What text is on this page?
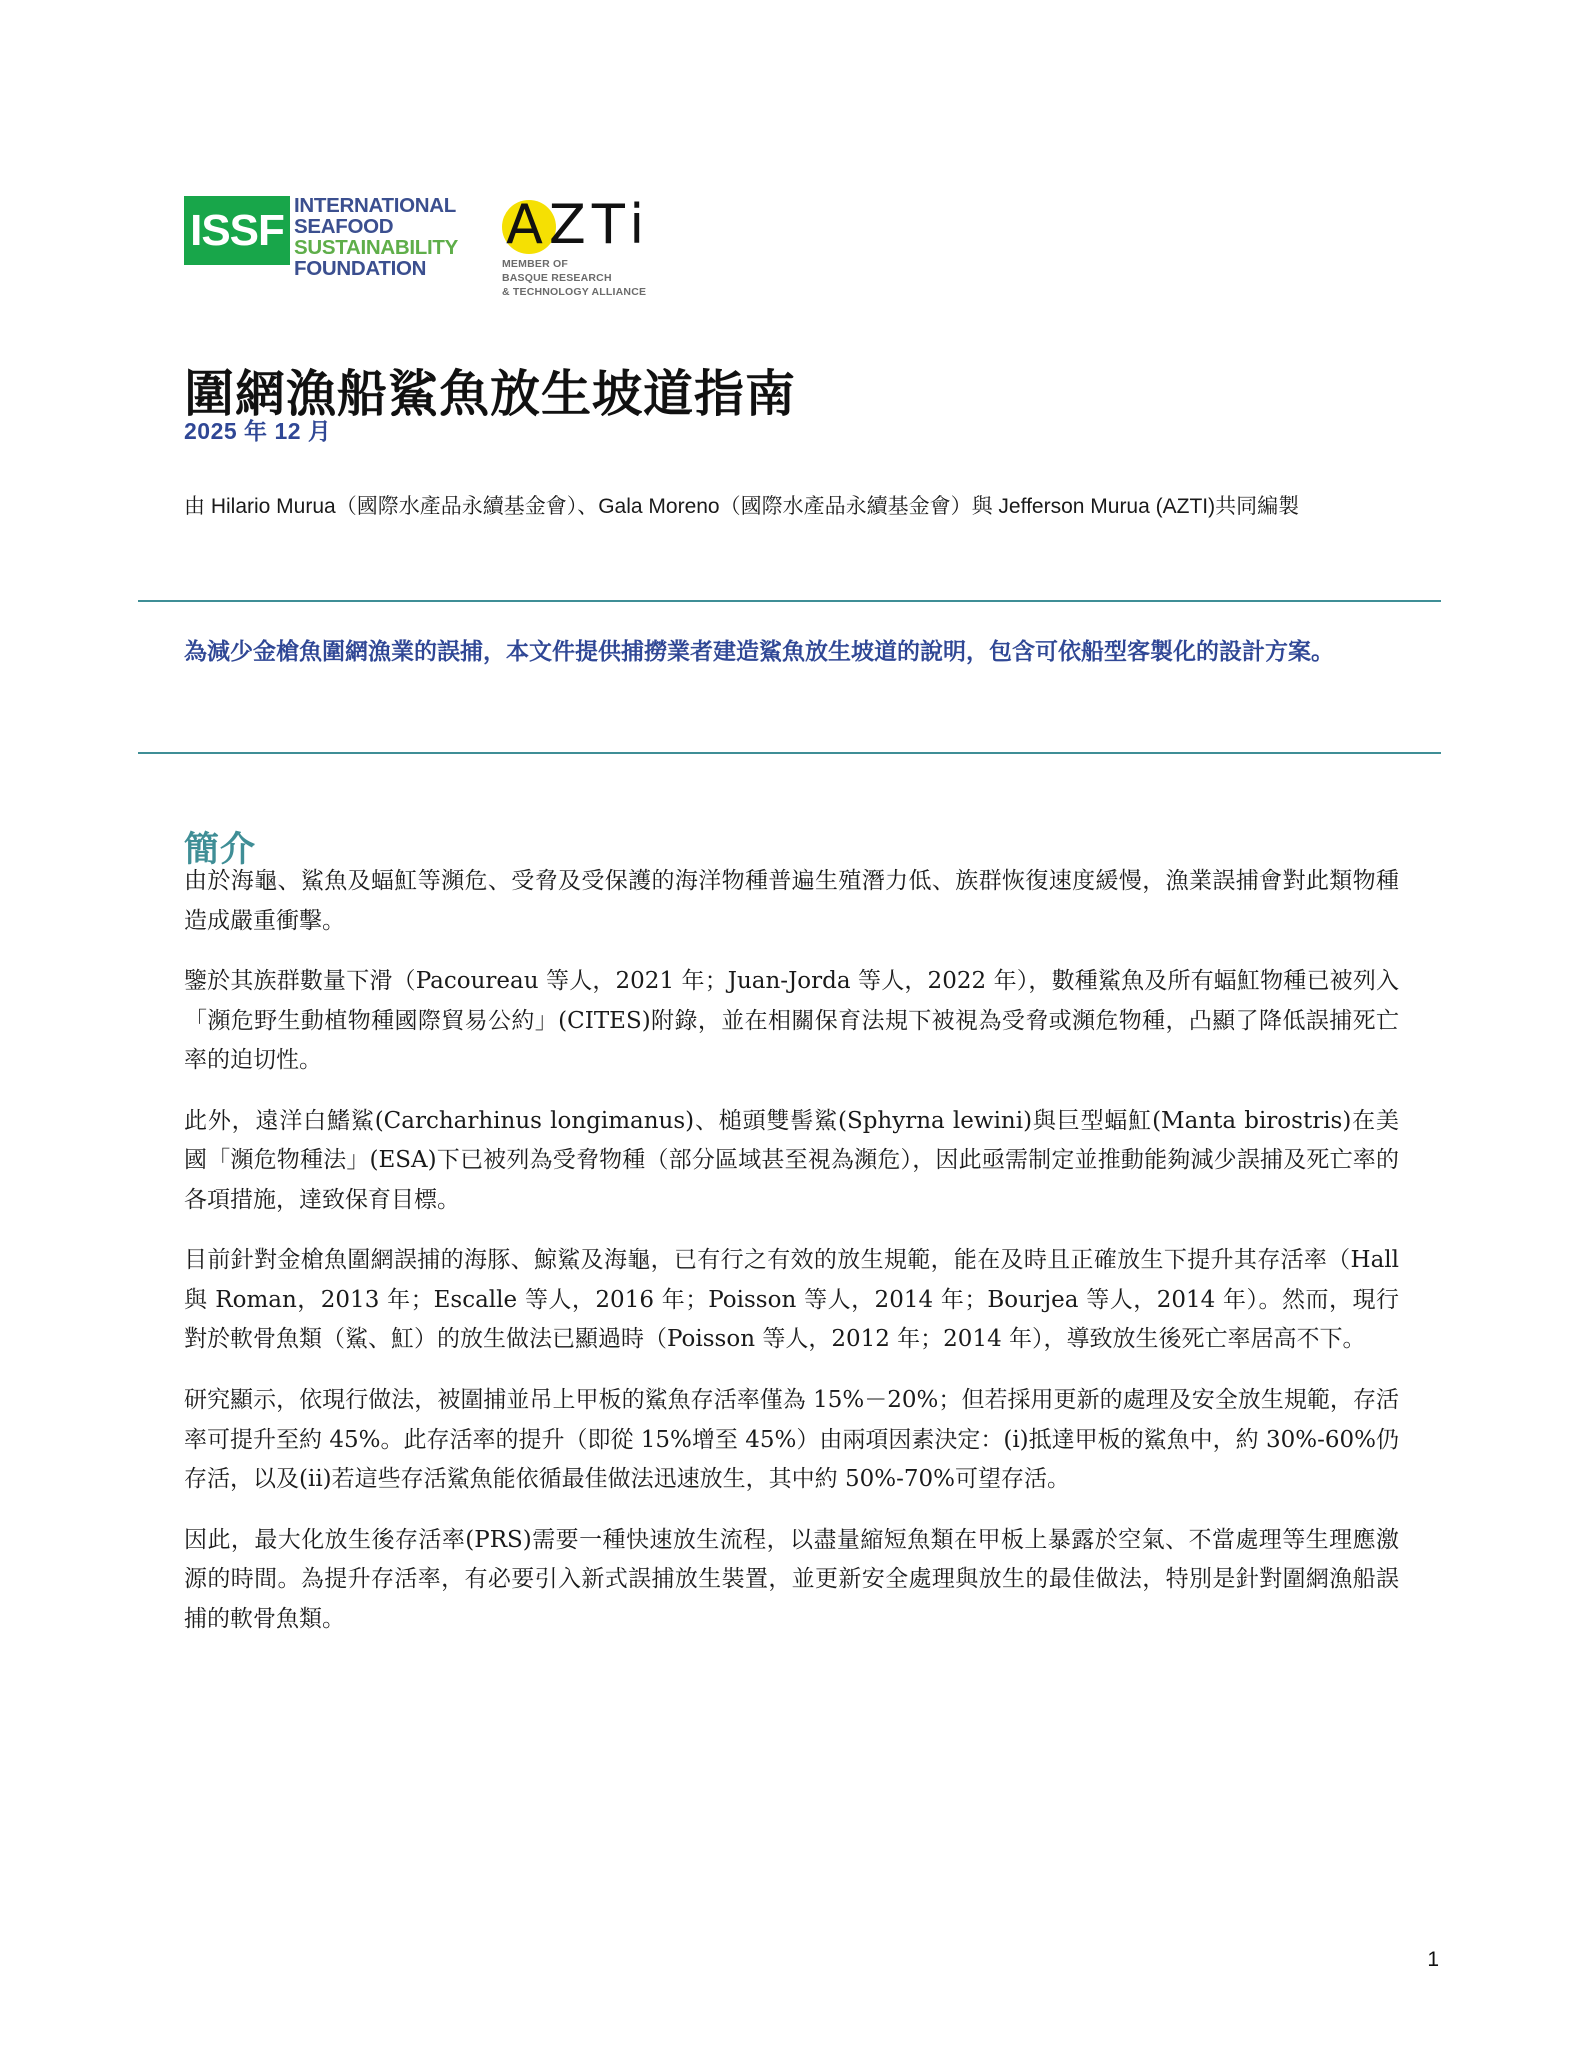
ISSF INTERNATIONAL
SEAFOOD
SUSTAINABILITY
FOUNDATION
AZTi
MEMBER OF
BASQUE RESEARCH
& TECHNOLOGY ALLIANCE
圍網漁船鯊魚放生坡道指南
2025 年 12 月
由 Hilario Murua（國際水產品永續基金會）、Gala Moreno（國際水產品永續基金會）與 Jefferson Murua (AZTI)共同編製
為減少金槍魚圍網漁業的誤捕，本文件提供捕撈業者建造鯊魚放生坡道的說明，包含可依船型客製化的設計方案。
簡介

由於海龜、鯊魚及蝠魟等瀕危、受脅及受保護的海洋物種普遍生殖潛力低、族群恢復速度緩慢，漁業誤捕會對此類物種造成嚴重衝擊。

鑒於其族群數量下滑（Pacoureau 等人，2021 年；Juan-Jorda 等人，2022 年），數種鯊魚及所有蝠魟物種已被列入「瀕危野生動植物種國際貿易公約」(CITES)附錄，並在相關保育法規下被視為受脅或瀕危物種，凸顯了降低誤捕死亡率的迫切性。

此外，遠洋白鰭鯊(Carcharhinus longimanus)、槌頭雙髻鯊(Sphyrna lewini)與巨型蝠魟(Manta birostris)在美國「瀕危物種法」(ESA)下已被列為受脅物種（部分區域甚至視為瀕危），因此亟需制定並推動能夠減少誤捕及死亡率的各項措施，達致保育目標。

目前針對金槍魚圍網誤捕的海豚、鯨鯊及海龜，已有行之有效的放生規範，能在及時且正確放生下提升其存活率（Hall 與 Roman，2013 年；Escalle 等人，2016 年；Poisson 等人，2014 年；Bourjea 等人，2014 年）。然而，現行對於軟骨魚類（鯊、魟）的放生做法已顯過時（Poisson 等人，2012 年；2014 年），導致放生後死亡率居高不下。

研究顯示，依現行做法，被圍捕並吊上甲板的鯊魚存活率僅為 15%－20%；但若採用更新的處理及安全放生規範，存活率可提升至約 45%。此存活率的提升（即從 15%增至 45%）由兩項因素決定：(i)抵達甲板的鯊魚中，約 30%-60%仍存活，以及(ii)若這些存活鯊魚能依循最佳做法迅速放生，其中約 50%-70%可望存活。

因此，最大化放生後存活率(PRS)需要一種快速放生流程，以盡量縮短魚類在甲板上暴露於空氣、不當處理等生理應激源的時間。為提升存活率，有必要引入新式誤捕放生裝置，並更新安全處理與放生的最佳做法，特別是針對圍網漁船誤捕的軟骨魚類。

1
